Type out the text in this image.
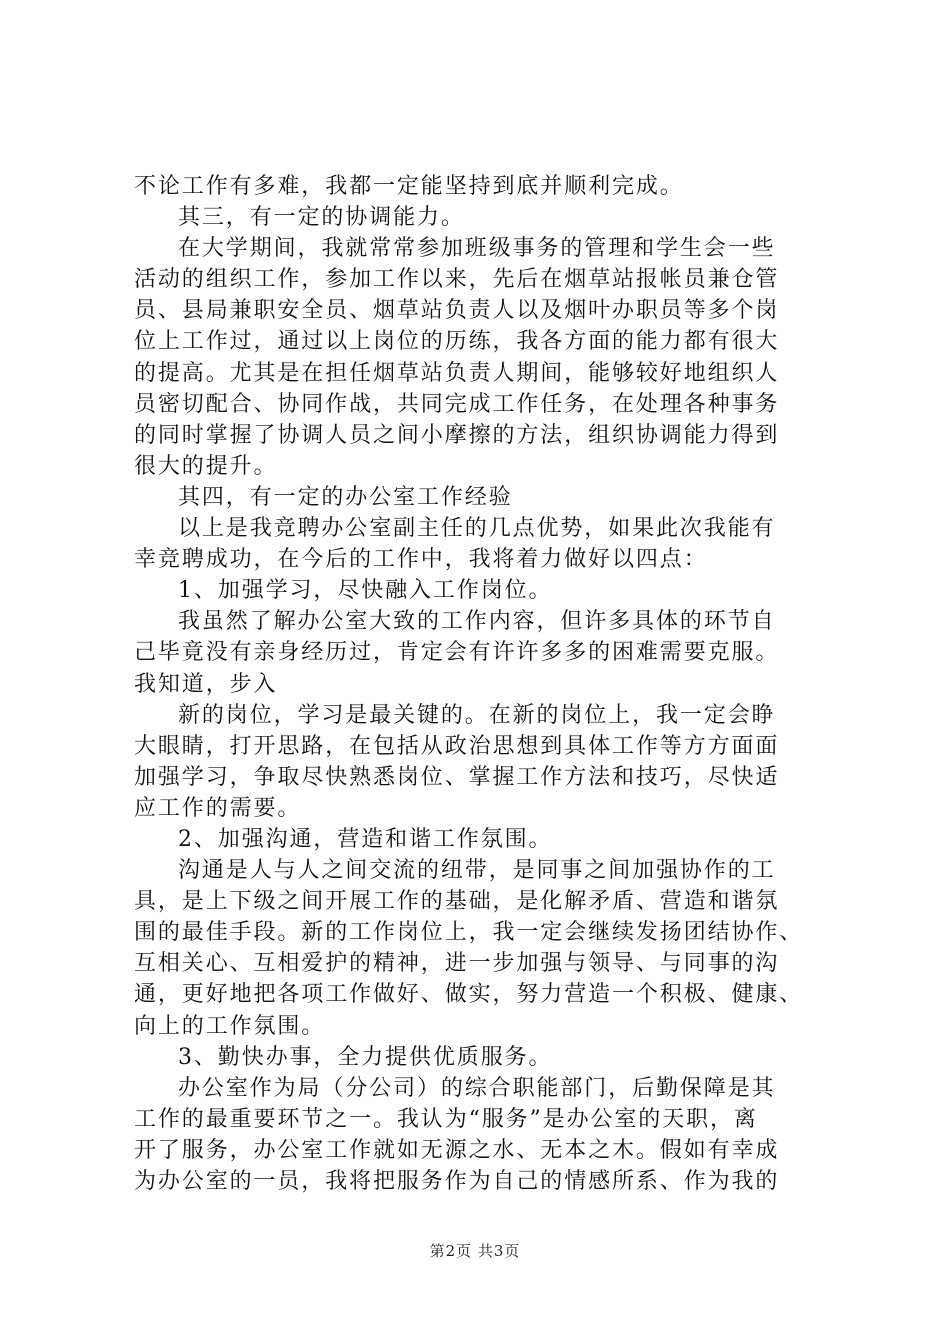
不论工作有多难，我都一定能坚持到底并顺利完成。
其三，有一定的协调能力。
在大学期间，我就常常参加班级事务的管理和学生会一些
活动的组织工作，参加工作以来，先后在烟草站报帐员兼仓管
员、县局兼职安全员、烟草站负责人以及烟叶办职员等多个岗
位上工作过，通过以上岗位的历练，我各方面的能力都有很大
的提高。尤其是在担任烟草站负责人期间，能够较好地组织人
员密切配合、协同作战，共同完成工作任务，在处理各种事务
的同时掌握了协调人员之间小摩擦的方法，组织协调能力得到
很大的提升。
其四，有一定的办公室工作经验
以上是我竞聘办公室副主任的几点优势，如果此次我能有
幸竞聘成功，在今后的工作中，我将着力做好以四点：
1、加强学习，尽快融入工作岗位。
我虽然了解办公室大致的工作内容，但许多具体的环节自
己毕竟没有亲身经历过，肯定会有许许多多的困难需要克服。
我知道，步入
新的岗位，学习是最关键的。在新的岗位上，我一定会睁
大眼睛，打开思路，在包括从政治思想到具体工作等方方面面
加强学习，争取尽快熟悉岗位、掌握工作方法和技巧，尽快适
应工作的需要。
2、加强沟通，营造和谐工作氛围。
沟通是人与人之间交流的纽带，是同事之间加强协作的工
具，是上下级之间开展工作的基础，是化解矛盾、营造和谐氛
围的最佳手段。新的工作岗位上，我一定会继续发扬团结协作、
互相关心、互相爱护的精神，进一步加强与领导、与同事的沟
通，更好地把各项工作做好、做实，努力营造一个积极、健康、
向上的工作氛围。
3、勤快办事，全力提供优质服务。
办公室作为局（分公司）的综合职能部门，后勤保障是其
工作的最重要环节之一。我认为“服务”是办公室的天职，离
开了服务，办公室工作就如无源之水、无本之木。假如有幸成
为办公室的一员，我将把服务作为自己的情感所系、作为我的
第2页 共3页
